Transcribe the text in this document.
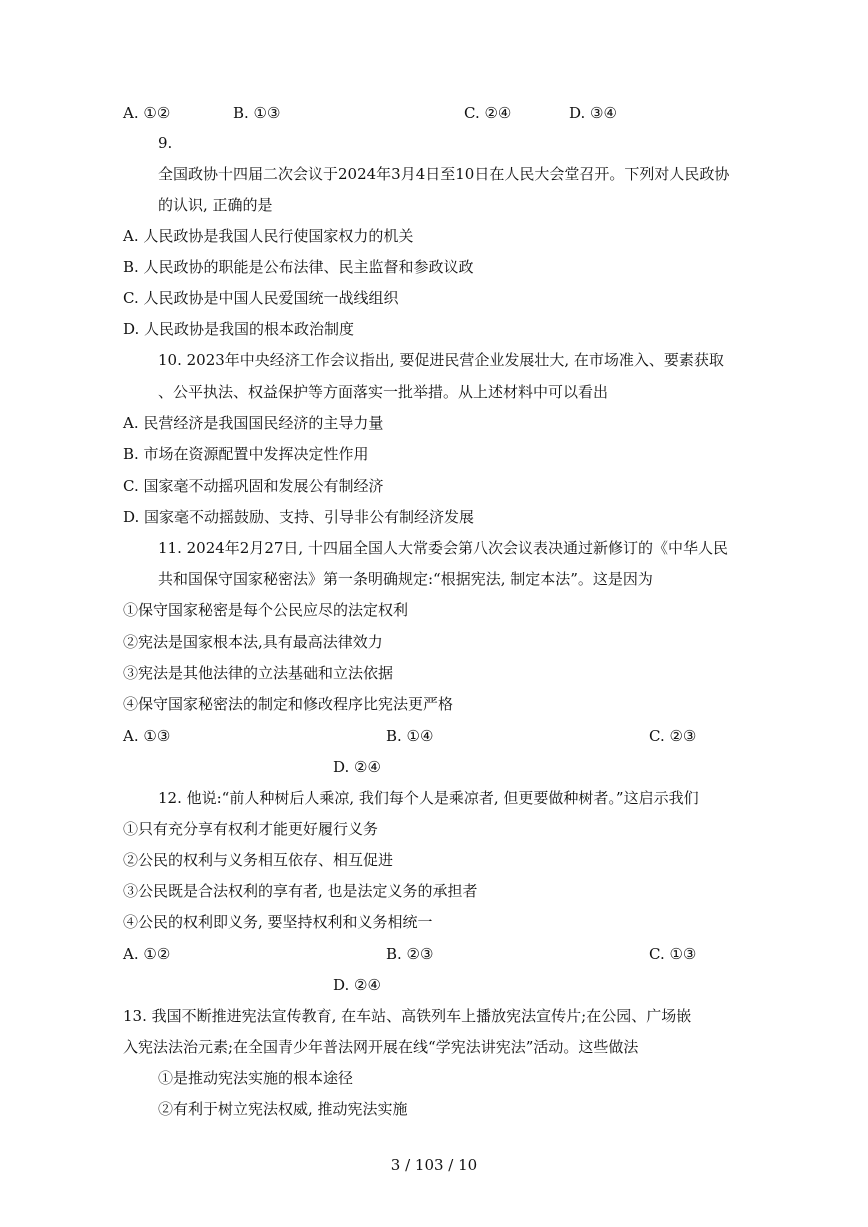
A. ①②	B. ①③	C. ②④	D. ③④
9.
全国政协十四届二次会议于2024年3月4日至10日在人民大会堂召开。下列对人民政协
的认识, 正确的是
A. 人民政协是我国人民行使国家权力的机关
B. 人民政协的职能是公布法律、民主监督和参政议政
C. 人民政协是中国人民爱国统一战线组织
D. 人民政协是我国的根本政治制度
10. 2023年中央经济工作会议指出, 要促进民营企业发展壮大, 在市场准入、要素获取
、公平执法、权益保护等方面落实一批举措。从上述材料中可以看出
A. 民营经济是我国国民经济的主导力量
B. 市场在资源配置中发挥决定性作用
C. 国家毫不动摇巩固和发展公有制经济
D. 国家毫不动摇鼓励、支持、引导非公有制经济发展
11. 2024年2月27日, 十四届全国人大常委会第八次会议表决通过新修订的《中华人民
共和国保守国家秘密法》第一条明确规定:“根据宪法, 制定本法”。这是因为
①保守国家秘密是每个公民应尽的法定权利
②宪法是国家根本法,具有最高法律效力
③宪法是其他法律的立法基础和立法依据
④保守国家秘密法的制定和修改程序比宪法更严格
A. ①③	B. ①④	C. ②③
D. ②④
12. 他说:“前人种树后人乘凉, 我们每个人是乘凉者, 但更要做种树者。”这启示我们
①只有充分享有权利才能更好履行义务
②公民的权利与义务相互依存、相互促进
③公民既是合法权利的享有者, 也是法定义务的承担者
④公民的权利即义务, 要坚持权利和义务相统一
A. ①②	B. ②③	C. ①③
D. ②④
13. 我国不断推进宪法宣传教育, 在车站、高铁列车上播放宪法宣传片;在公园、广场嵌
入宪法法治元素;在全国青少年普法网开展在线“学宪法讲宪法”活动。这些做法
①是推动宪法实施的根本途径
②有利于树立宪法权威, 推动宪法实施
3 / 103 / 10
